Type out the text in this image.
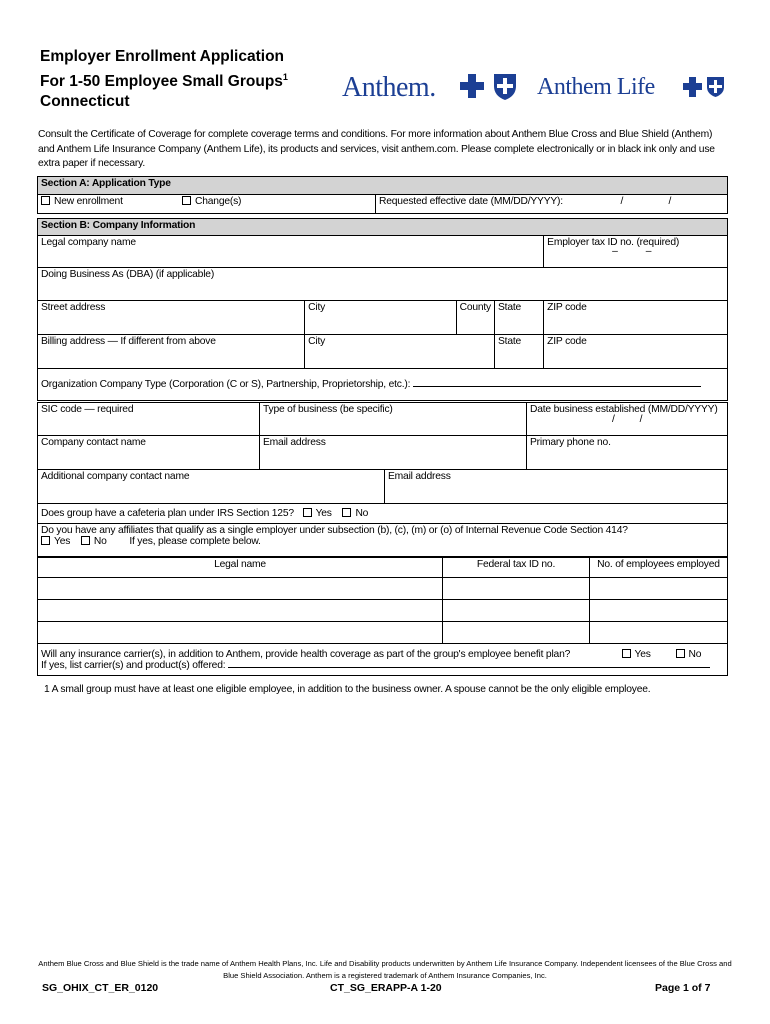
Employer Enrollment Application
For 1-50 Employee Small Groups$^1$
Connecticut	Anthem.	Anthem Life
Consult the Certificate of Coverage for complete coverage terms and conditions. For more information about Anthem Blue Cross and Blue Shield (Anthem) and Anthem Life Insurance Company (Anthem Life), its products and services, visit anthem.com. Please complete electronically or in black ink only and use extra paper if necessary.
Section A: Application Type
New enrollment	Change(s)	Requested effective date (MM/DD/YYYY):	/	/
Section B: Company Information				
Legal company name				Employer tax ID no. (required)
– –

Doing Business As (DBA) (if applicable)				
Street address	City	County	State	ZIP code
Billing address — If different from above	City		State	ZIP code
Organization Company Type (Corporation (C or S), Partnership, Proprietorship, etc.):				
SIC code — required	Type of business (be specific)	Date business established (MM/DD/YYYY)
/ /

Company contact name	Email address	Primary phone no.
Additional company contact name	Email address
Does group have a cafeteria plan under IRS Section 125? Yes No

Do you have any affiliates that qualify as a single employer under subsection (b), (c), (m) or (o) of Internal Revenue Code Section 414?
Yes No If yes, please complete below.
Legal name	Federal tax ID no.	No. of employees employed

Will any insurance carrier(s), in addition to Anthem, provide health coverage as part of the group's employee benefit plan? Yes No
If yes, list carrier(s) and product(s) offered:		
1 A small group must have at least one eligible employee, in addition to the business owner. A spouse cannot be the only eligible employee.
Anthem Blue Cross and Blue Shield is the trade name of Anthem Health Plans, Inc. Life and Disability products underwritten by Anthem Life Insurance Company. Independent licensees of the Blue Cross and Blue Shield Association. Anthem is a registered trademark of Anthem Insurance Companies, Inc.
SG_OHIX_CT_ER_0120	CT_SG_ERAPP-A 1-20	Page 1 of 7
